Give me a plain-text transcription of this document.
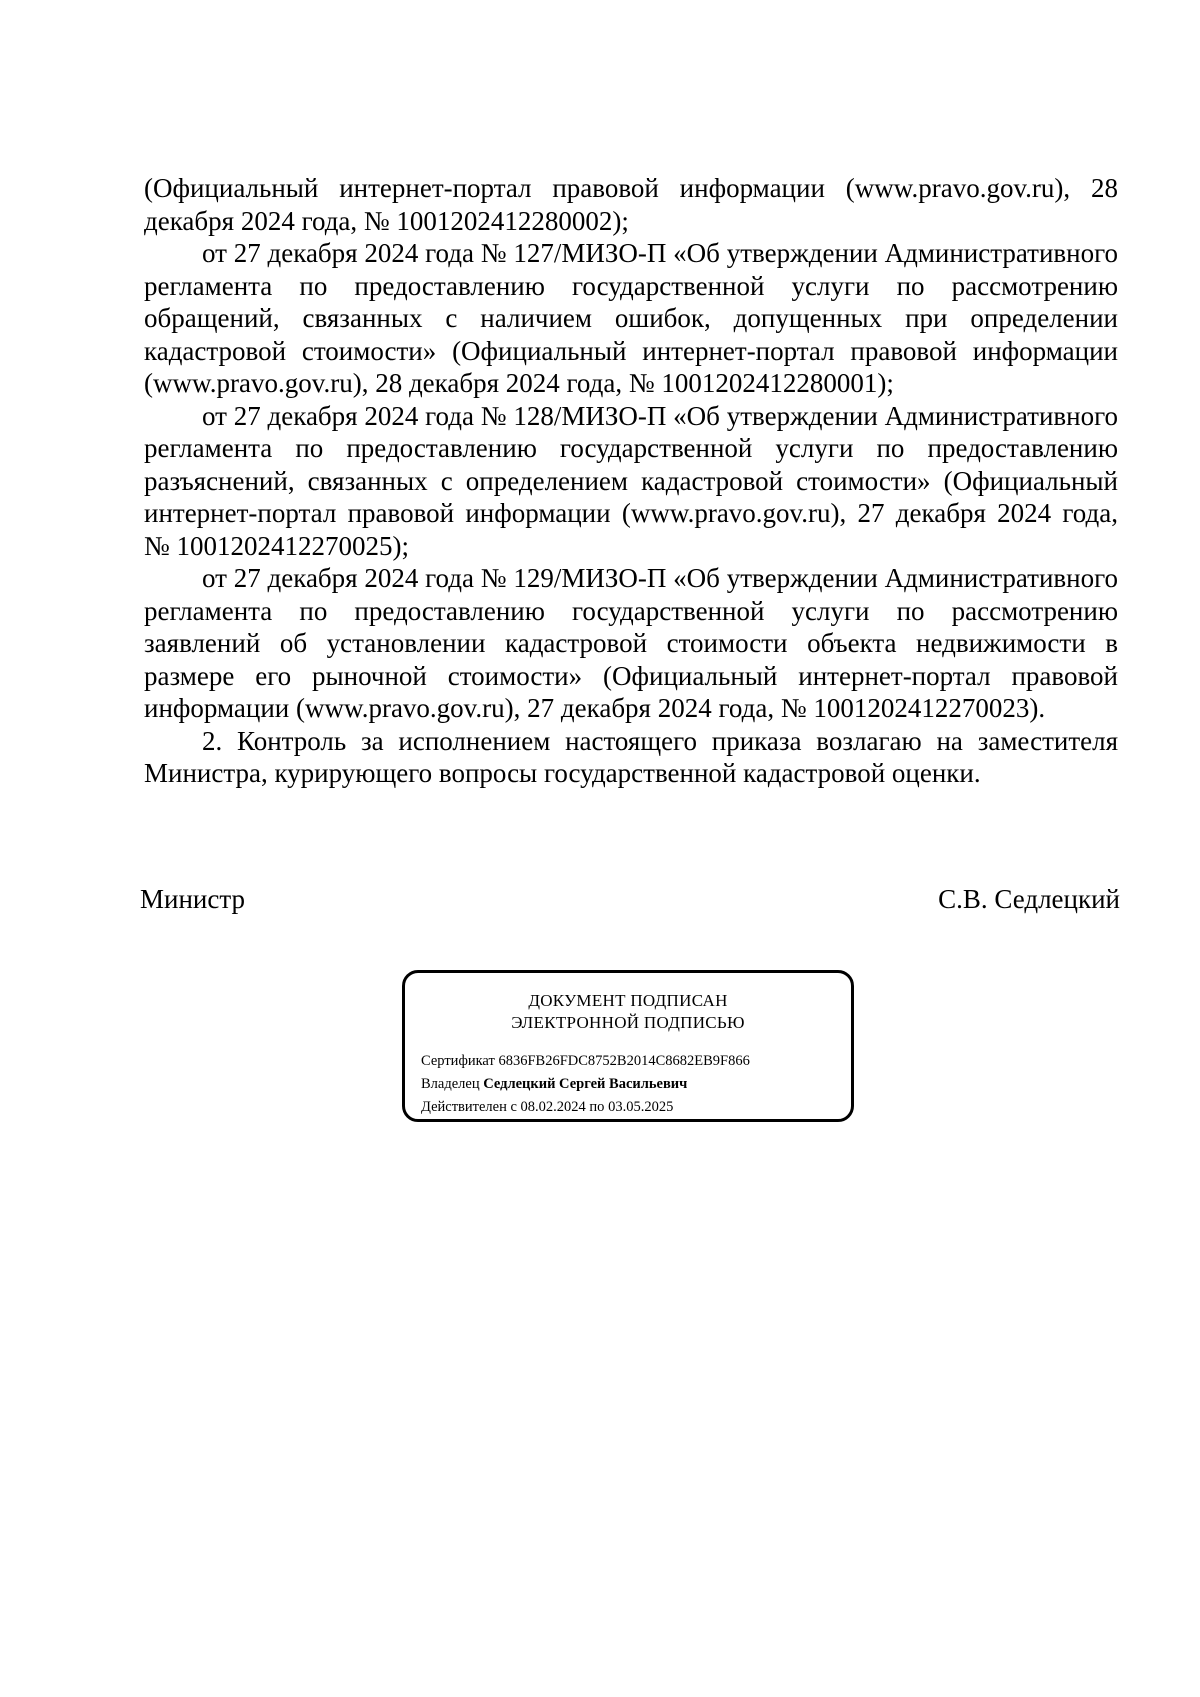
(Официальный интернет-портал правовой информации (www.pravo.gov.ru), 28 декабря 2024 года, № 1001202412280002);

от 27 декабря 2024 года № 127/МИЗО-П «Об утверждении Административного регламента по предоставлению государственной услуги по рассмотрению обращений, связанных с наличием ошибок, допущенных при определении кадастровой стоимости» (Официальный интернет-портал правовой информации (www.pravo.gov.ru), 28 декабря 2024 года, № 1001202412280001);

от 27 декабря 2024 года № 128/МИЗО-П «Об утверждении Административного регламента по предоставлению государственной услуги по предоставлению разъяснений, связанных с определением кадастровой стоимости» (Официальный интернет-портал правовой информации (www.pravo.gov.ru), 27 декабря 2024 года, № 1001202412270025);

от 27 декабря 2024 года № 129/МИЗО-П «Об утверждении Административного регламента по предоставлению государственной услуги по рассмотрению заявлений об установлении кадастровой стоимости объекта недвижимости в размере его рыночной стоимости» (Официальный интернет-портал правовой информации (www.pravo.gov.ru), 27 декабря 2024 года, № 1001202412270023).

2. Контроль за исполнением настоящего приказа возлагаю на заместителя Министра, курирующего вопросы государственной кадастровой оценки.

Министр	С.В. Седлецкий
ДОКУМЕНТ ПОДПИСАН
ЭЛЕКТРОННОЙ ПОДПИСЬЮ
Сертификат 6836FB26FDC8752B2014C8682EB9F866
Владелец Седлецкий Сергей Васильевич
Действителен с 08.02.2024 по 03.05.2025
